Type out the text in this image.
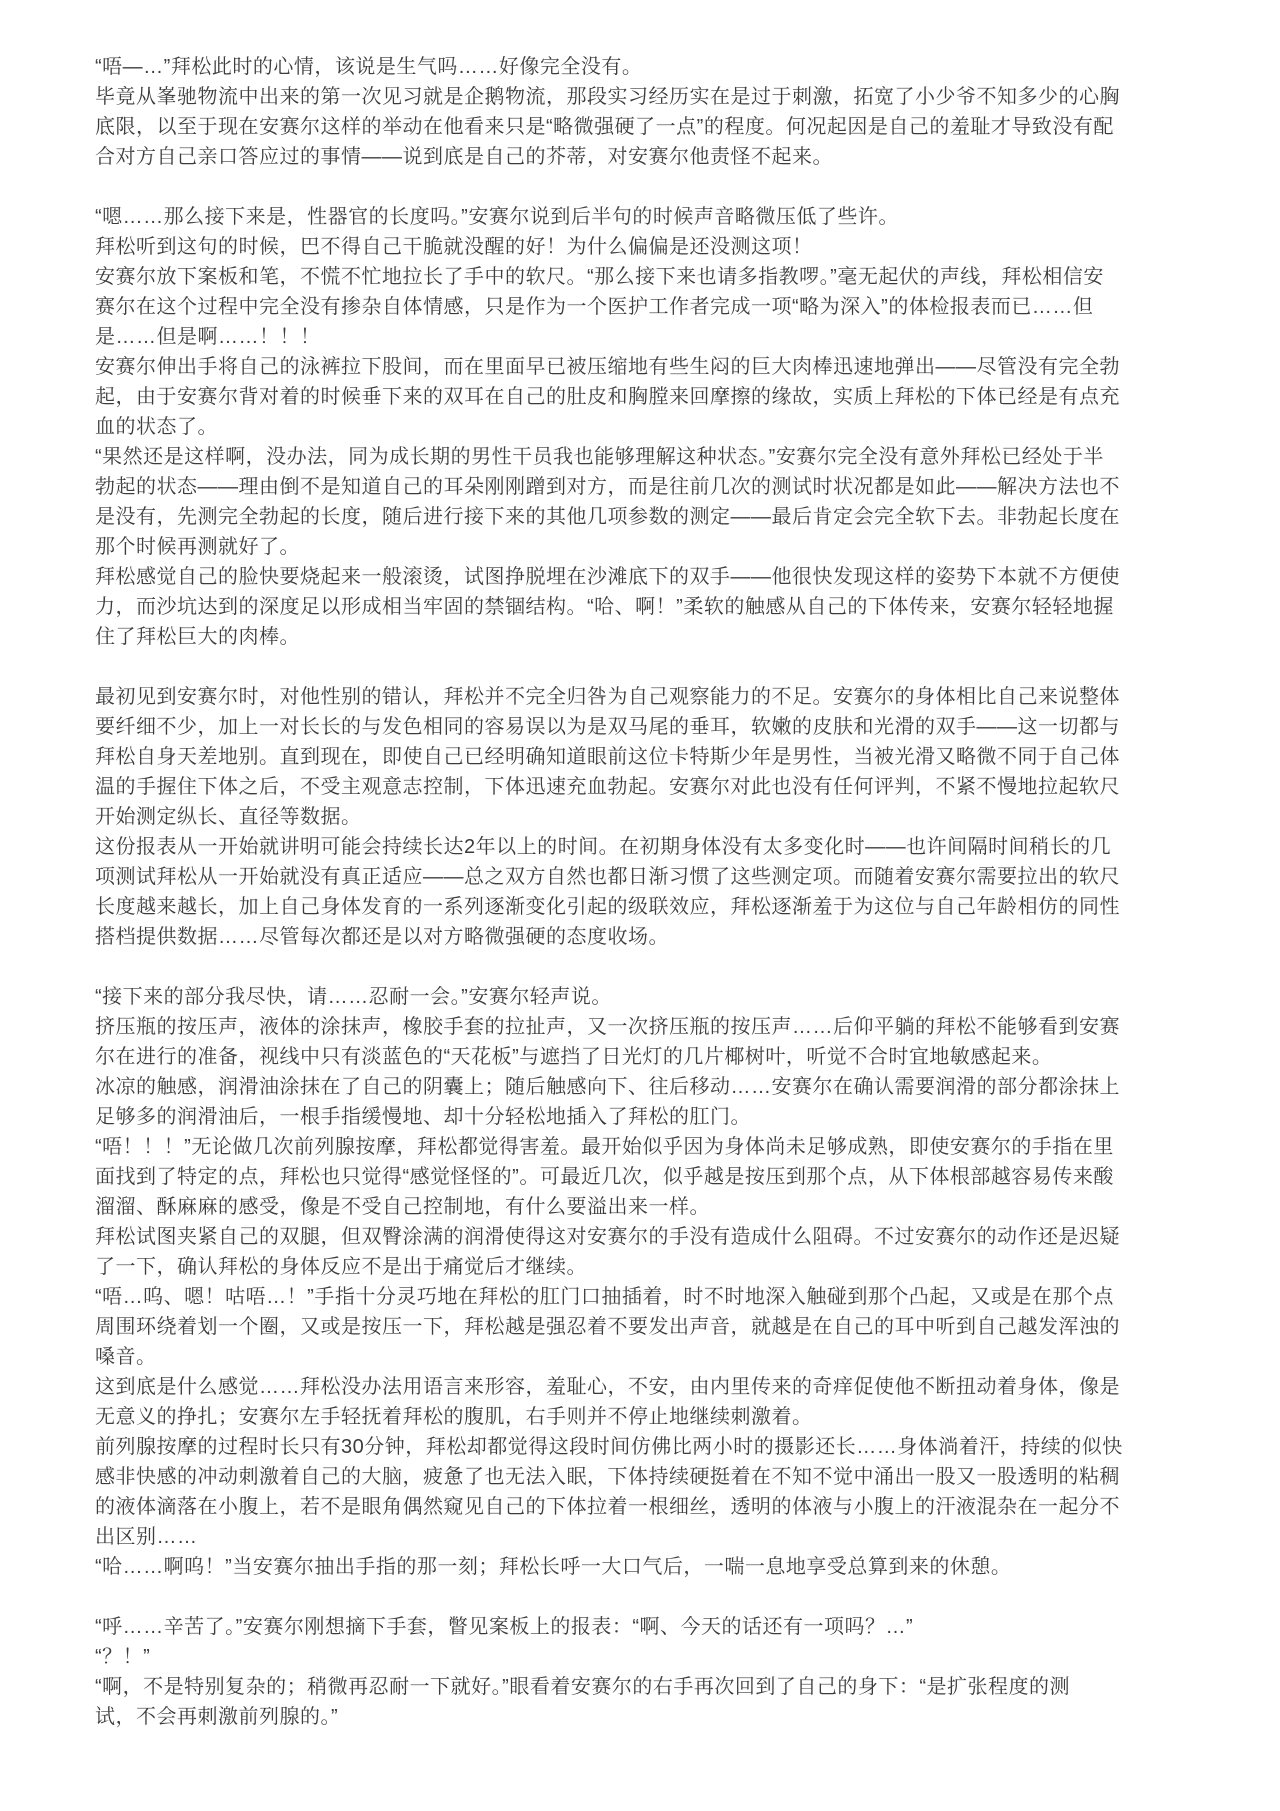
“唔—…”拜松此时的心情，该说是生气吗……好像完全没有。
毕竟从峯驰物流中出来的第一次见习就是企鹅物流，那段实习经历实在是过于刺激，拓宽了小少爷不知多少的心胸
底限，以至于现在安赛尔这样的举动在他看来只是“略微强硬了一点”的程度。何况起因是自己的羞耻才导致没有配
合对方自己亲口答应过的事情——说到底是自己的芥蒂，对安赛尔他责怪不起来。
“嗯……那么接下来是，性器官的长度吗。”安赛尔说到后半句的时候声音略微压低了些许。
拜松听到这句的时候，巴不得自己干脆就没醒的好！为什么偏偏是还没测这项！
安赛尔放下案板和笔，不慌不忙地拉长了手中的软尺。“那么接下来也请多指教啰。”毫无起伏的声线，拜松相信安
赛尔在这个过程中完全没有掺杂自体情感，只是作为一个医护工作者完成一项“略为深入”的体检报表而已……但
是……但是啊……！！！
安赛尔伸出手将自己的泳裤拉下股间，而在里面早已被压缩地有些生闷的巨大肉棒迅速地弹出——尽管没有完全勃
起，由于安赛尔背对着的时候垂下来的双耳在自己的肚皮和胸膛来回摩擦的缘故，实质上拜松的下体已经是有点充
血的状态了。
“果然还是这样啊，没办法，同为成长期的男性干员我也能够理解这种状态。”安赛尔完全没有意外拜松已经处于半
勃起的状态——理由倒不是知道自己的耳朵刚刚蹭到对方，而是往前几次的测试时状况都是如此——解决方法也不
是没有，先测完全勃起的长度，随后进行接下来的其他几项参数的测定——最后肯定会完全软下去。非勃起长度在
那个时候再测就好了。
拜松感觉自己的脸快要烧起来一般滚烫，试图挣脱埋在沙滩底下的双手——他很快发现这样的姿势下本就不方便使
力，而沙坑达到的深度足以形成相当牢固的禁锢结构。“哈、啊！”柔软的触感从自己的下体传来，安赛尔轻轻地握
住了拜松巨大的肉棒。
最初见到安赛尔时，对他性别的错认，拜松并不完全归咎为自己观察能力的不足。安赛尔的身体相比自己来说整体
要纤细不少，加上一对长长的与发色相同的容易误以为是双马尾的垂耳，软嫩的皮肤和光滑的双手——这一切都与
拜松自身天差地别。直到现在，即使自己已经明确知道眼前这位卡特斯少年是男性，当被光滑又略微不同于自己体
温的手握住下体之后，不受主观意志控制，下体迅速充血勃起。安赛尔对此也没有任何评判，不紧不慢地拉起软尺
开始测定纵长、直径等数据。
这份报表从一开始就讲明可能会持续长达2年以上的时间。在初期身体没有太多变化时——也许间隔时间稍长的几
项测试拜松从一开始就没有真正适应——总之双方自然也都日渐习惯了这些测定项。而随着安赛尔需要拉出的软尺
长度越来越长，加上自己身体发育的一系列逐渐变化引起的级联效应，拜松逐渐羞于为这位与自己年龄相仿的同性
搭档提供数据……尽管每次都还是以对方略微强硬的态度收场。
“接下来的部分我尽快，请……忍耐一会。”安赛尔轻声说。
挤压瓶的按压声，液体的涂抹声，橡胶手套的拉扯声，又一次挤压瓶的按压声……后仰平躺的拜松不能够看到安赛
尔在进行的准备，视线中只有淡蓝色的“天花板”与遮挡了日光灯的几片椰树叶，听觉不合时宜地敏感起来。
冰凉的触感，润滑油涂抹在了自己的阴囊上；随后触感向下、往后移动……安赛尔在确认需要润滑的部分都涂抹上
足够多的润滑油后，一根手指缓慢地、却十分轻松地插入了拜松的肛门。
“唔！！！”无论做几次前列腺按摩，拜松都觉得害羞。最开始似乎因为身体尚未足够成熟，即使安赛尔的手指在里
面找到了特定的点，拜松也只觉得“感觉怪怪的”。可最近几次，似乎越是按压到那个点，从下体根部越容易传来酸
溜溜、酥麻麻的感受，像是不受自己控制地，有什么要溢出来一样。
拜松试图夹紧自己的双腿，但双臀涂满的润滑使得这对安赛尔的手没有造成什么阻碍。不过安赛尔的动作还是迟疑
了一下，确认拜松的身体反应不是出于痛觉后才继续。
“唔…呜、嗯！咕唔…！”手指十分灵巧地在拜松的肛门口抽插着，时不时地深入触碰到那个凸起，又或是在那个点
周围环绕着划一个圈，又或是按压一下，拜松越是强忍着不要发出声音，就越是在自己的耳中听到自己越发浑浊的
嗓音。
这到底是什么感觉……拜松没办法用语言来形容，羞耻心，不安，由内里传来的奇痒促使他不断扭动着身体，像是
无意义的挣扎；安赛尔左手轻抚着拜松的腹肌，右手则并不停止地继续刺激着。
前列腺按摩的过程时长只有30分钟，拜松却都觉得这段时间仿佛比两小时的摄影还长……身体淌着汗，持续的似快
感非快感的冲动刺激着自己的大脑，疲惫了也无法入眠，下体持续硬挺着在不知不觉中涌出一股又一股透明的粘稠
的液体滴落在小腹上，若不是眼角偶然窥见自己的下体拉着一根细丝，透明的体液与小腹上的汗液混杂在一起分不
出区别……
“哈……啊呜！”当安赛尔抽出手指的那一刻；拜松长呼一大口气后，一喘一息地享受总算到来的休憩。
“呼……辛苦了。”安赛尔刚想摘下手套，瞥见案板上的报表：“啊、今天的话还有一项吗？…”
“？！”
“啊，不是特别复杂的；稍微再忍耐一下就好。”眼看着安赛尔的右手再次回到了自己的身下：“是扩张程度的测
试，不会再刺激前列腺的。”
